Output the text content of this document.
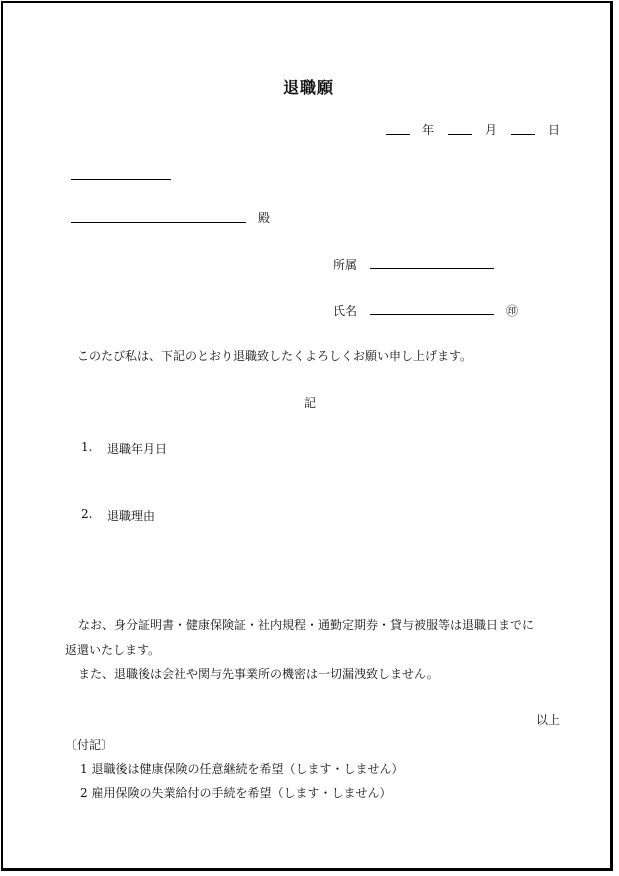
退職願
年	月	日
殿
所属
氏名	㊞
このたび私は、下記のとおり退職致したくよろしくお願い申し上げます。
記
1. 退職年月日
2. 退職理由
なお、身分証明書・健康保険証・社内規程・通勤定期券・貸与被服等は退職日までに
返還いたします。
また、退職後は会社や関与先事業所の機密は一切漏洩致しません。
以上
〔付記〕
1 退職後は健康保険の任意継続を希望（します・しません）
2 雇用保険の失業給付の手続を希望（します・しません）
